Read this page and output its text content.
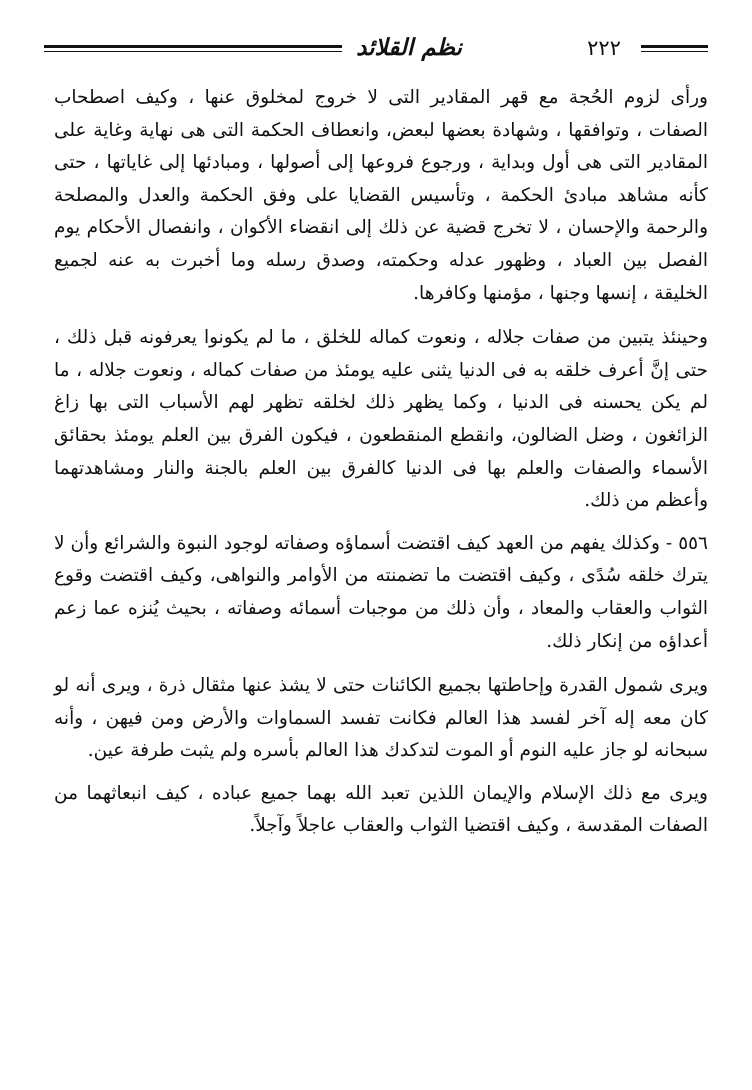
نظم القلائد	٢٢٢

ورأى لزوم الحُجة مع قهر المقادير التى لا خروج لمخلوق عنها ، وكيف اصطحاب الصفات ، وتوافقها ، وشهادة بعضها لبعض، وانعطاف الحكمة التى هى نهاية وغاية على المقادير التى هى أول وبداية ، ورجوع فروعها إلى أصولها ، ومبادئها إلى غاياتها ، حتى كأنه مشاهد مبادئ الحكمة ، وتأسيس القضايا على وفق الحكمة والعدل والمصلحة والرحمة والإحسان ، لا تخرج قضية عن ذلك إلى انقضاء الأكوان ، وانفصال الأحكام يوم الفصل بين العباد ، وظهور عدله وحكمته، وصدق رسله وما أخبرت به عنه لجميع الخليقة ، إنسها وجنها ، مؤمنها وكافرها.

وحينئذ يتبين من صفات جلاله ، ونعوت كماله للخلق ، ما لم يكونوا يعرفونه قبل ذلك ، حتى إنَّ أعرف خلقه به فى الدنيا يثنى عليه يومئذ من صفات كماله ، ونعوت جلاله ، ما لم يكن يحسنه فى الدنيا ، وكما يظهر ذلك لخلقه تظهر لهم الأسباب التى بها زاغ الزائغون ، وضل الضالون، وانقطع المنقطعون ، فيكون الفرق بين العلم يومئذ بحقائق الأسماء والصفات والعلم بها فى الدنيا كالفرق بين العلم بالجنة والنار ومشاهدتهما وأعظم من ذلك.

٥٥٦ - وكذلك يفهم من العهد كيف اقتضت أسماؤه وصفاته لوجود النبوة والشرائع وأن لا يترك خلقه سُدًى ، وكيف اقتضت ما تضمنته من الأوامر والنواهى، وكيف اقتضت وقوع الثواب والعقاب والمعاد ، وأن ذلك من موجبات أسمائه وصفاته ، بحيث يُنزه عما زعم أعداؤه من إنكار ذلك.

ويرى شمول القدرة وإحاطتها بجميع الكائنات حتى لا يشذ عنها مثقال ذرة ، ويرى أنه لو كان معه إله آخر لفسد هذا العالم فكانت تفسد السماوات والأرض ومن فيهن ، وأنه سبحانه لو جاز عليه النوم أو الموت لتدكدك هذا العالم بأسره ولم يثبت طرفة عين.

ويرى مع ذلك الإسلام والإيمان اللذين تعبد الله بهما جميع عباده ، كيف انبعاثهما من الصفات المقدسة ، وكيف اقتضيا الثواب والعقاب عاجلاً وآجلاً.
